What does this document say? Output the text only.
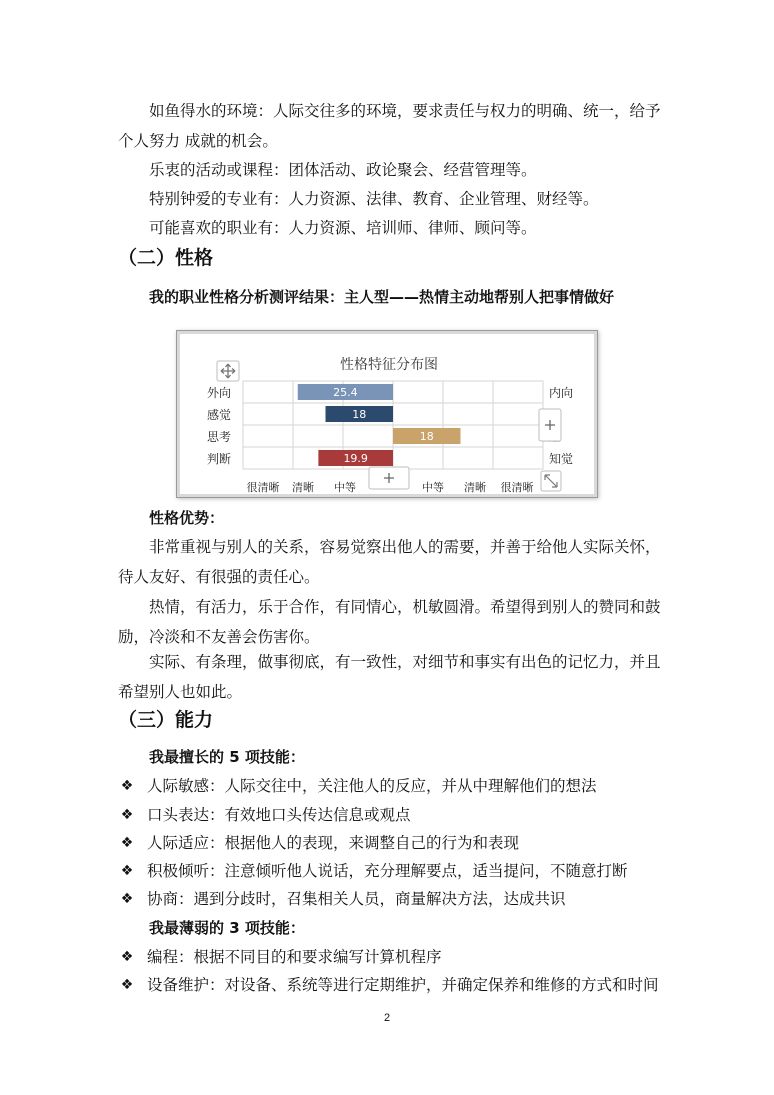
如鱼得水的环境：人际交往多的环境，要求责任与权力的明确、统一，给予个人努力 成就的机会。
乐衷的活动或课程：团体活动、政论聚会、经营管理等。
特别钟爱的专业有：人力资源、法律、教育、企业管理、财经等。
可能喜欢的职业有：人力资源、培训师、律师、顾问等。
（二）性格
我的职业性格分析测评结果：主人型——热情主动地帮别人把事情做好
性格特征分布图
外向	25.4	内向
感觉	18
思考	18
判断	19.9	知觉
很清晰 清晰 中等	中等 清晰 很清晰
性格优势：
非常重视与别人的关系，容易觉察出他人的需要，并善于给他人实际关怀，待人友好、有很强的责任心。
热情，有活力，乐于合作，有同情心，机敏圆滑。希望得到别人的赞同和鼓励，冷淡和不友善会伤害你。
实际、有条理，做事彻底，有一致性，对细节和事实有出色的记忆力，并且希望别人也如此。
（三）能力
我最擅长的 5 项技能：
❖ 人际敏感：人际交往中，关注他人的反应，并从中理解他们的想法
❖ 口头表达：有效地口头传达信息或观点
❖ 人际适应：根据他人的表现，来调整自己的行为和表现
❖ 积极倾听：注意倾听他人说话，充分理解要点，适当提问，不随意打断
❖ 协商：遇到分歧时，召集相关人员，商量解决方法，达成共识
我最薄弱的 3 项技能：
❖ 编程：根据不同目的和要求编写计算机程序
❖ 设备维护：对设备、系统等进行定期维护，并确定保养和维修的方式和时间
2
